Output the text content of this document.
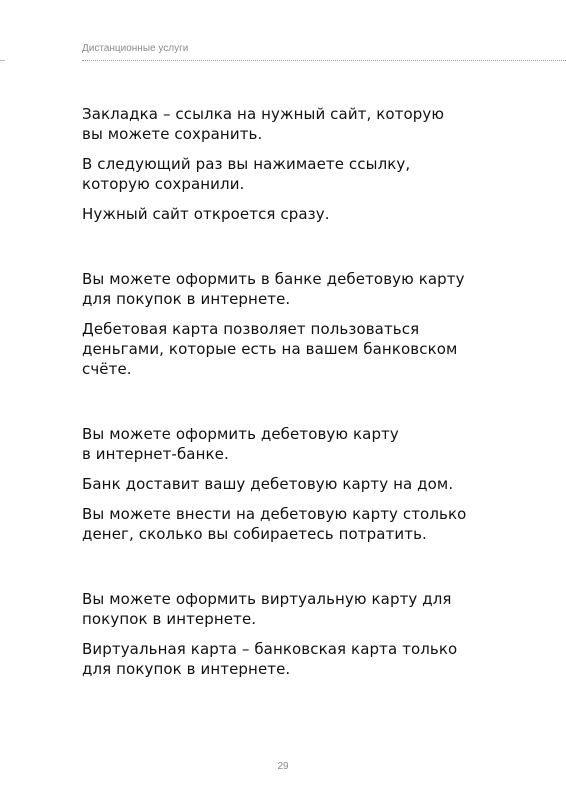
Дистанционные услуги

Закладка – ссылка на нужный сайт, которую
вы можете сохранить.

В следующий раз вы нажимаете ссылку,
которую сохранили.

Нужный сайт откроется сразу.

Вы можете оформить в банке дебетовую карту
для покупок в интернете.

Дебетовая карта позволяет пользоваться
деньгами, которые есть на вашем банковском
счёте.

Вы можете оформить дебетовую карту
в интернет-банке.

Банк доставит вашу дебетовую карту на дом.

Вы можете внести на дебетовую карту столько
денег, сколько вы собираетесь потратить.

Вы можете оформить виртуальную карту для
покупок в интернете.

Виртуальная карта – банковская карта только
для покупок в интернете.

29
